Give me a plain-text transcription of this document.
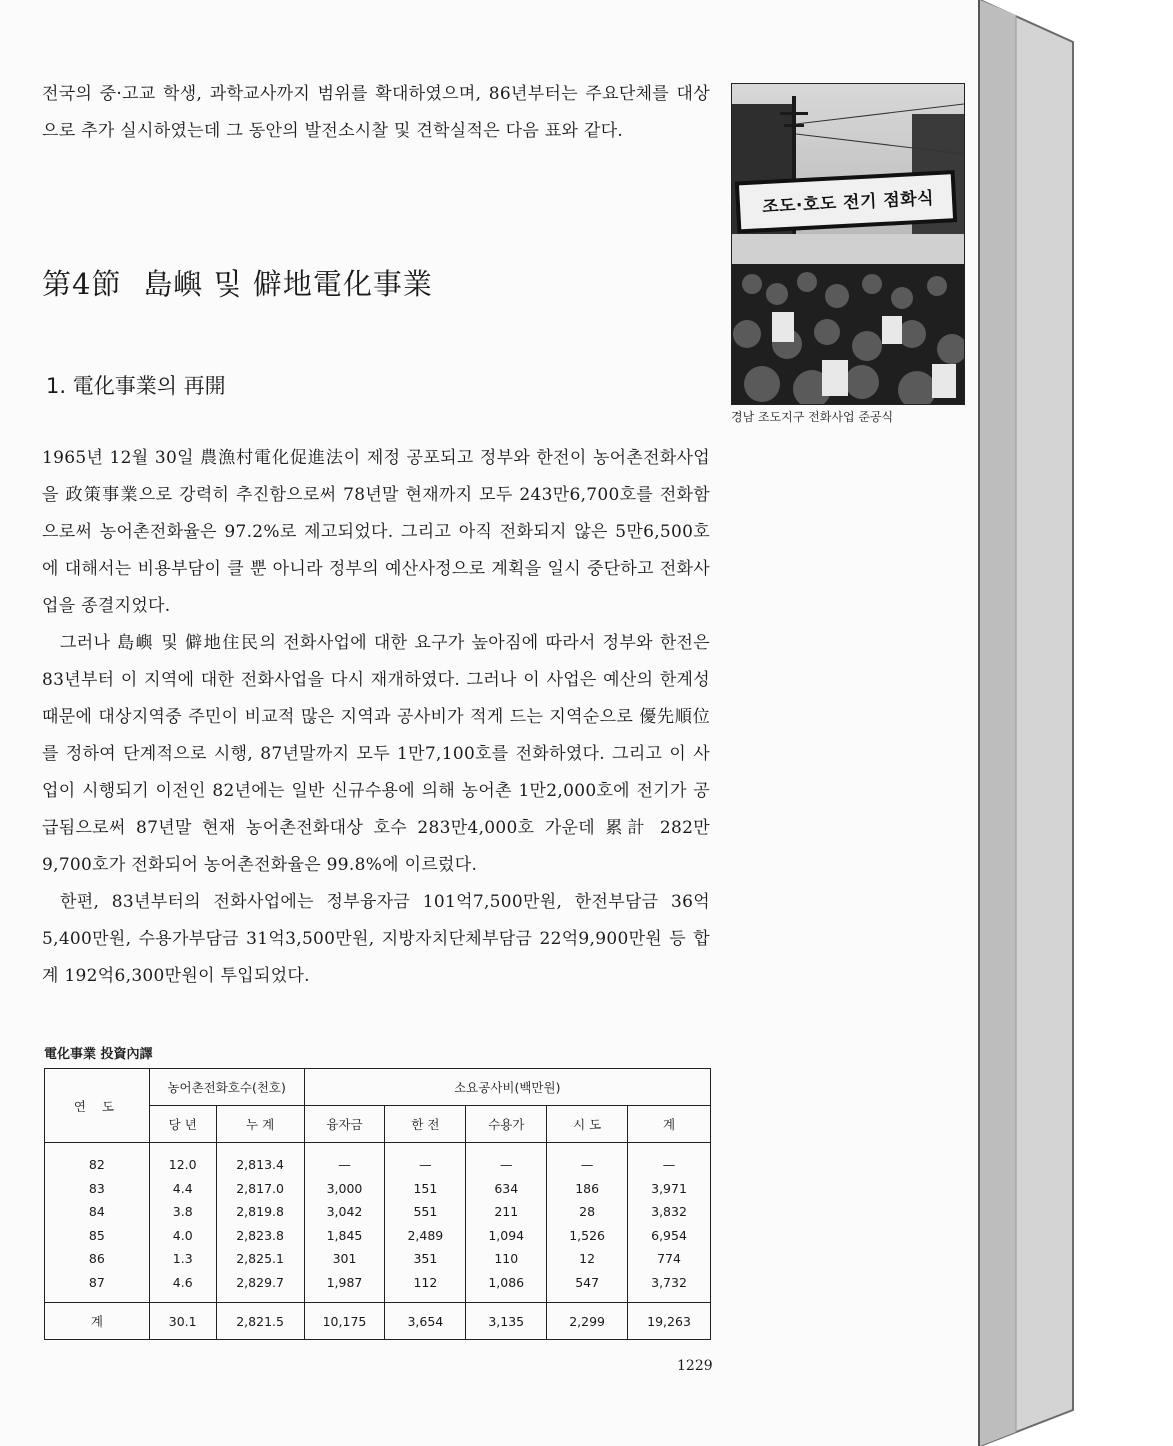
전국의 중·고교 학생, 과학교사까지 범위를 확대하였으며, 86년부터는 주요단체를 대상으로 추가 실시하였는데 그 동안의 발전소시찰 및 견학실적은 다음 표와 같다.

第4節 島嶼 및 僻地電化事業
1. 電化事業의 再開
조도·호도 전기 점화식
경남 조도지구 전화사업 준공식

1965년 12월 30일 農漁村電化促進法이 제정 공포되고 정부와 한전이 농어촌전화사업을 政策事業으로 강력히 추진함으로써 78년말 현재까지 모두 243만6,700호를 전화함으로써 농어촌전화율은 97.2%로 제고되었다. 그리고 아직 전화되지 않은 5만6,500호에 대해서는 비용부담이 클 뿐 아니라 정부의 예산사정으로 계획을 일시 중단하고 전화사업을 종결지었다.

그러나 島嶼 및 僻地住民의 전화사업에 대한 요구가 높아짐에 따라서 정부와 한전은 83년부터 이 지역에 대한 전화사업을 다시 재개하였다. 그러나 이 사업은 예산의 한계성 때문에 대상지역중 주민이 비교적 많은 지역과 공사비가 적게 드는 지역순으로 優先順位를 정하여 단계적으로 시행, 87년말까지 모두 1만7,100호를 전화하였다. 그리고 이 사업이 시행되기 이전인 82년에는 일반 신규수용에 의해 농어촌 1만2,000호에 전기가 공급됨으로써 87년말 현재 농어촌전화대상 호수 283만4,000호 가운데 累計 282만9,700호가 전화되어 농어촌전화율은 99.8%에 이르렀다.

한편, 83년부터의 전화사업에는 정부융자금 101억7,500만원, 한전부담금 36억5,400만원, 수용가부담금 31억3,500만원, 지방자치단체부담금 22억9,900만원 등 합계 192억6,300만원이 투입되었다.

電化事業 投資內譯
연 도	농어촌전화호수(천호)		소요공사비(백만원)				
	당 년	누 계	융자금	한 전	수용가	시 도	계
82	12.0	2,813.4	—	—	—	—	—
83	4.4	2,817.0	3,000	151	634	186	3,971
84	3.8	2,819.8	3,042	551	211	28	3,832
85	4.0	2,823.8	1,845	2,489	1,094	1,526	6,954
86	1.3	2,825.1	301	351	110	12	774
87	4.6	2,829.7	1,987	112	1,086	547	3,732
계	30.1	2,821.5	10,175	3,654	3,135	2,299	19,263
1229
